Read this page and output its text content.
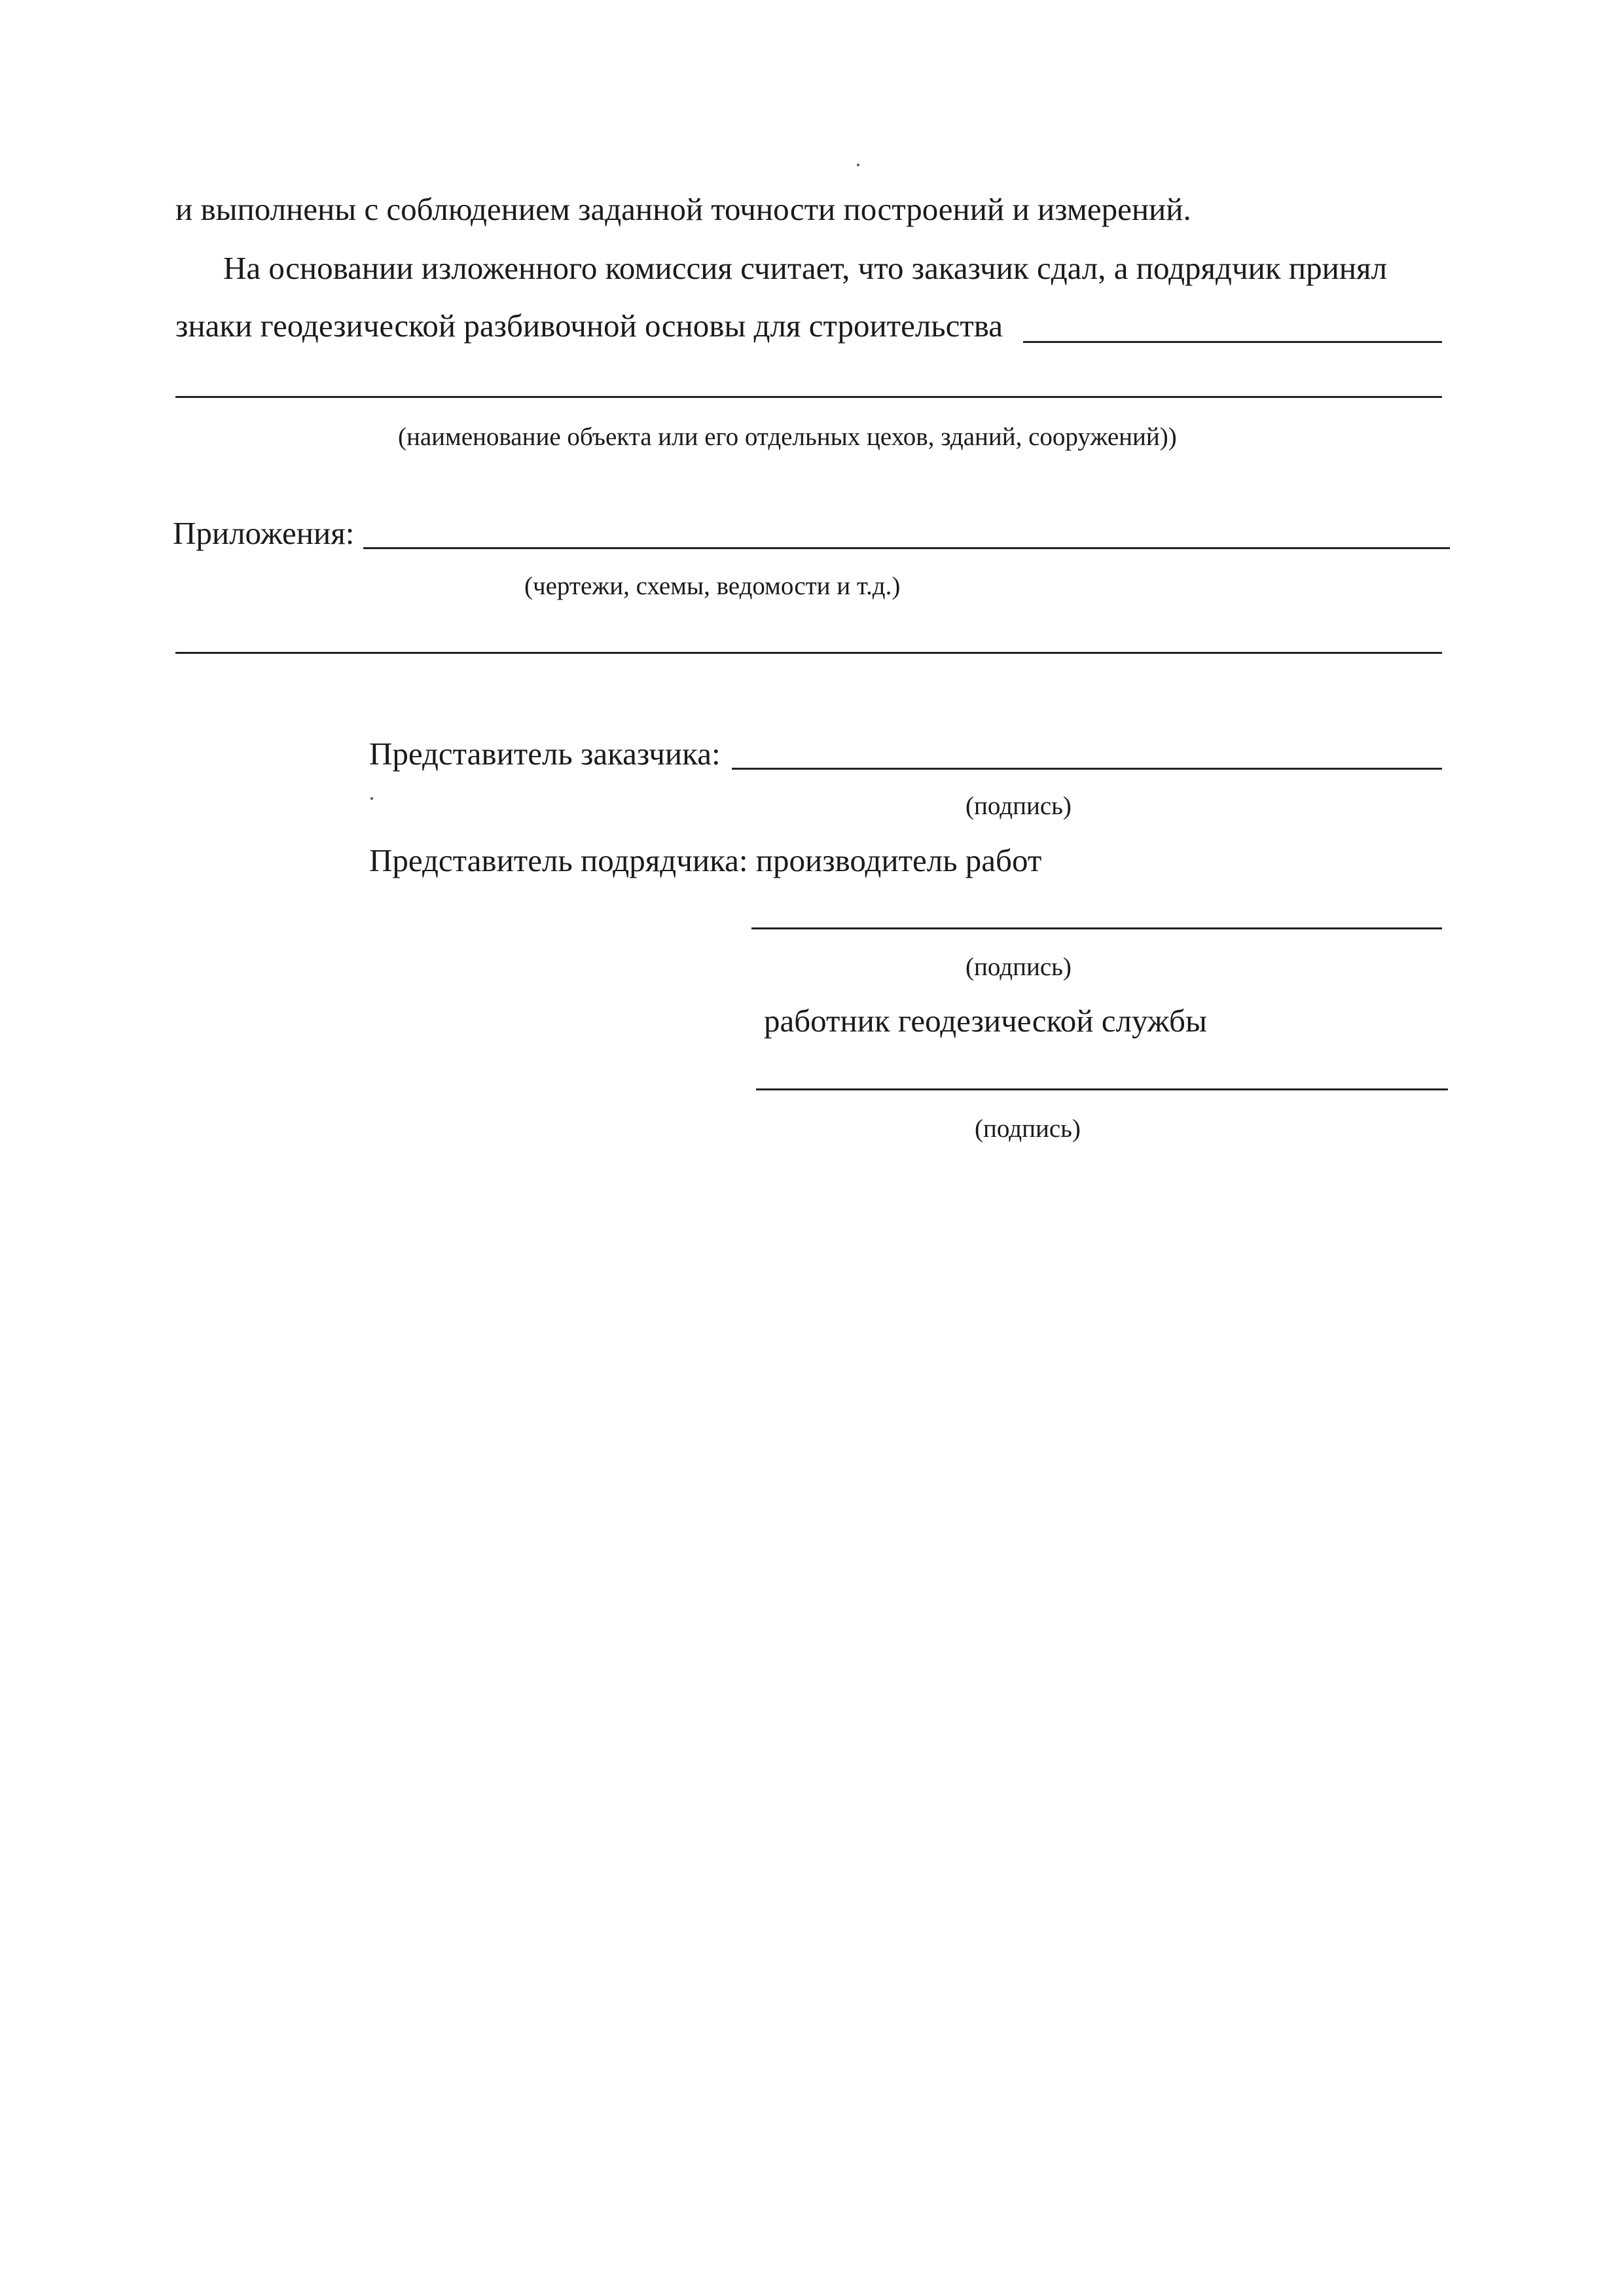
и выполнены с соблюдением заданной точности построений и измерений.
На основании изложенного комиссия считает, что заказчик сдал, а подрядчик принял
знаки геодезической разбивочной основы для строительства
(наименование объекта или его отдельных цехов, зданий, сооружений))
Приложения:
(чертежи, схемы, ведомости и т.д.)
Представитель заказчика:
(подпись)
Представитель подрядчика: производитель работ
(подпись)
работник геодезической службы
(подпись)
